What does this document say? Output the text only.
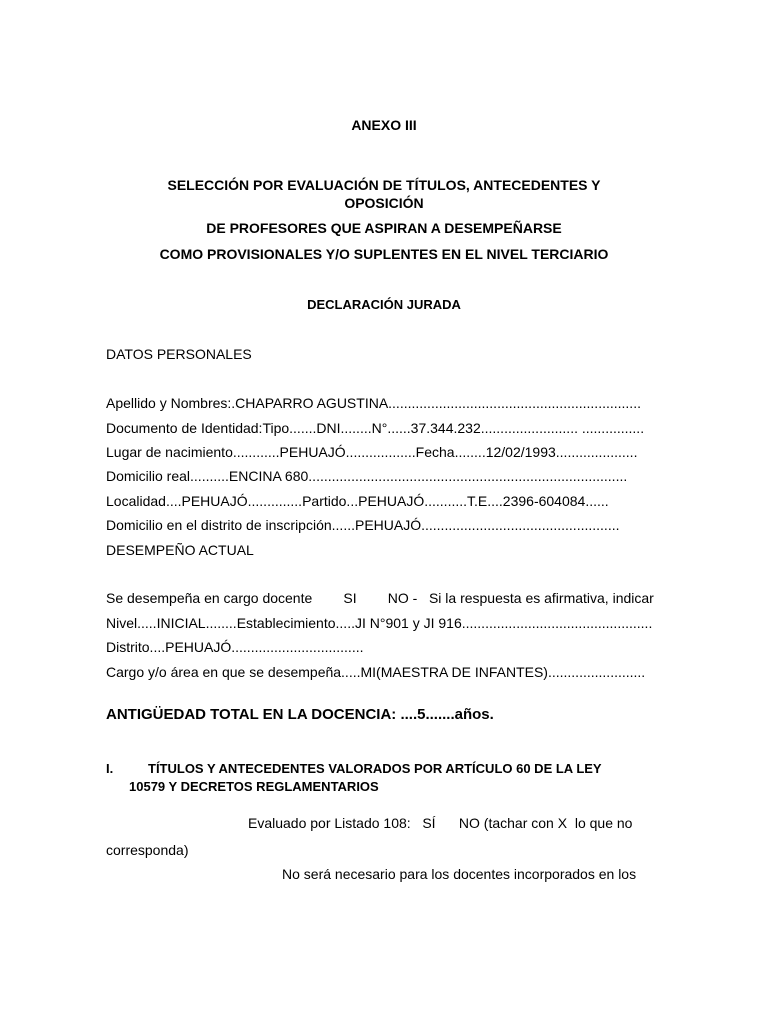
ANEXO III
SELECCIÓN POR EVALUACIÓN DE TÍTULOS, ANTECEDENTES Y
OPOSICIÓN
DE PROFESORES QUE ASPIRAN A DESEMPEÑARSE
COMO PROVISIONALES Y/O SUPLENTES EN EL NIVEL TERCIARIO
DECLARACIÓN JURADA
DATOS PERSONALES
Apellido y Nombres:.CHAPARRO AGUSTINA.................................................................
Documento de Identidad:Tipo.......DNI........N°......37.344.232......................... ................
Lugar de nacimiento............PEHUAJÓ..................Fecha........12/02/1993.....................
Domicilio real..........ENCINA 680..................................................................................
Localidad....PEHUAJÓ..............Partido...PEHUAJÓ...........T.E....2396-604084......
Domicilio en el distrito de inscripción......PEHUAJÓ...................................................
DESEMPEÑO ACTUAL
Se desempeña en cargo docente        SI        NO -   Si la respuesta es afirmativa, indicar
Nivel.....INICIAL........Establecimiento.....JI N°901 y JI 916.................................................
Distrito....PEHUAJÓ..................................
Cargo y/o área en que se desempeña.....MI(MAESTRA DE INFANTES).........................
ANTIGÜEDAD TOTAL EN LA DOCENCIA: ....5.......años.
I.	TÍTULOS Y ANTECEDENTES VALORADOS POR ARTÍCULO 60 DE LA LEY
10579 Y DECRETOS REGLAMENTARIOS
Evaluado por Listado 108:   SÍ      NO (tachar con X  lo que no
corresponda)
No será necesario para los docentes incorporados en los
